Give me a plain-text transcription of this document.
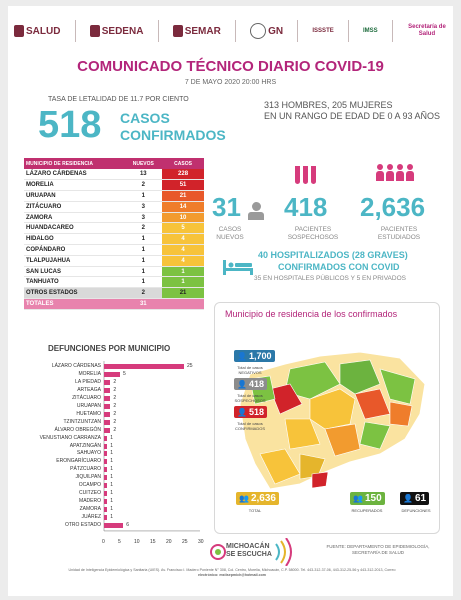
SALUD	SEDENA	SEMAR	GN	ISSSTE	IMSS
Secretaría de Salud
COMUNICADO TÉCNICO DIARIO COVID-19
7 DE MAYO 2020 20:00 HRS
TASA DE LETALIDAD DE 11.7 POR CIENTO
518 CASOS
CONFIRMADOS
313 HOMBRES, 205 MUJERES
EN UN RANGO DE EDAD DE 0 A 93 AÑOS
MUNICIPIO DE RESIDENCIA	NUEVOS	CASOS
LÁZARO CÁRDENAS	13	228
MORELIA	2	51
URUAPAN	1	21
ZITÁCUARO	3	14
ZAMORA	3	10
HUANDACAREO	2	5
HIDALGO	1	4
COPÁNDARO	1	4
TLALPUJAHUA	1	4
SAN LUCAS	1	1
TANHUATO	1	1
OTROS ESTADOS	2	21
TOTALES	31	
31
CASOS
NUEVOS
418
PACIENTES
SOSPECHOSOS
2,636
PACIENTES
ESTUDIADOS
40 HOSPITALIZADOS (28 GRAVES)
CONFIRMADOS CON COVID
35 EN HOSPITALES PÚBLICOS Y 5 EN PRIVADOS
Municipio de residencia de los confirmados
👤 1,700
Total de casos
NEGATIVOS
👤 418
Total de casos
SOSPECHOSOS
👤 518
Total de casos
CONFIRMADOS
👥 2,636
TOTAL
👥 150
RECUPERADOS
👤 61
DEFUNCIONES
DEFUNCIONES POR MUNICIPIO
LÁZARO CÁRDENAS	25
MORELIA	5
LA PIEDAD 2
ARTEAGA 2
ZITÁCUARO 2
URUAPAN 2
HUETAMO 2
TZINTZUNTZAN 2
ÁLVARO OBREGÓN 2
VENUSTIANO CARRANZA 1
APATZINGÁN 1
SAHUAYO 1
ERONGARÍCUARO 1
PÁTZCUARO 1
JIQUILPAN 1
OCAMPO 1
CUITZEO 1
MADERO 1
ZAMORA 1
JUÁREZ 1
OTRO ESTADO	6
0	5	10 15 20 25 30
MICHOACÁN
SE ESCUCHA
FUENTE: DEPARTAMENTO DE EPIDEMIOLOGÍA,
SECRETARÍA DE SALUD
Unidad de Inteligencia Epidemiológica y Sanitaria (UIES). Av. Francisco I. Madero Poniente N° 308, Col. Centro, Morelia, Michoacán, C.P. 58000. Tel. 443-312-37-06, 443-312-25-56 y 443-312-2013, Correo
electrónico: mstisepmich@hotmail.com
